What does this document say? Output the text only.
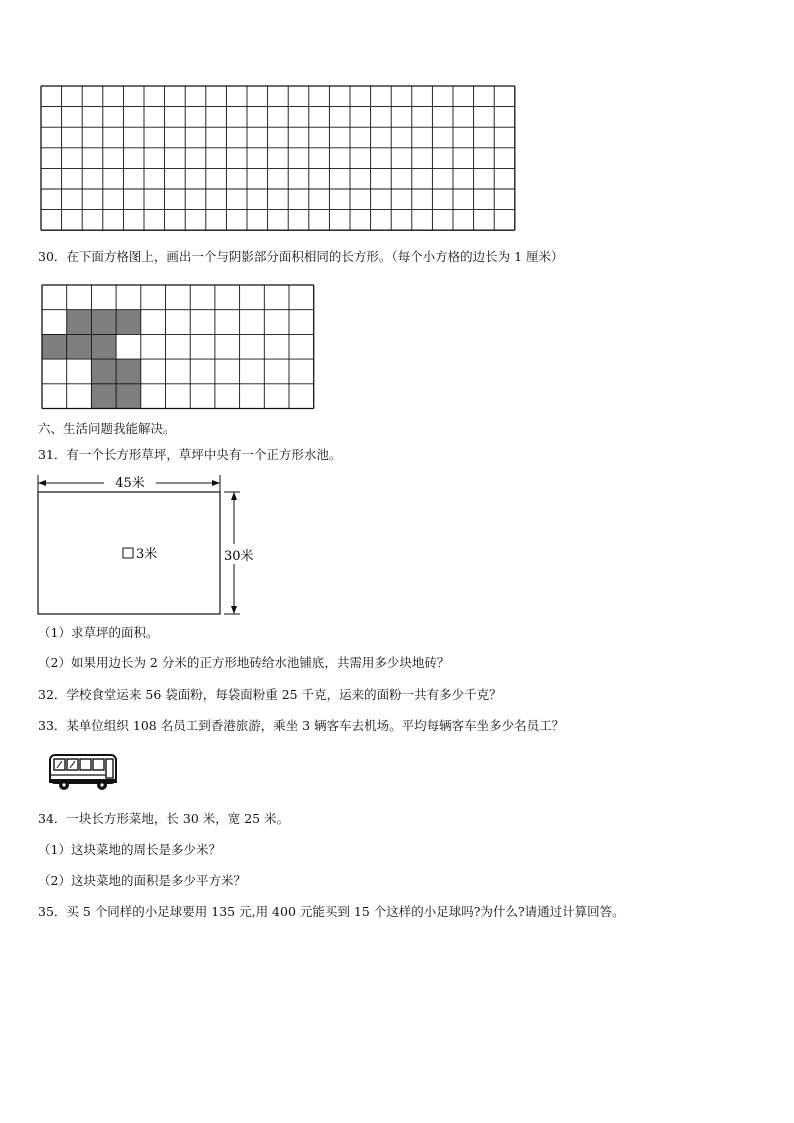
30．在下面方格图上，画出一个与阴影部分面积相同的长方形。（每个小方格的边长为 1 厘米）
六、生活问题我能解决。
31．有一个长方形草坪，草坪中央有一个正方形水池。
45米
30米
3米
（1）求草坪的面积。
（2）如果用边长为 2 分米的正方形地砖给水池铺底，共需用多少块地砖？
32．学校食堂运来 56 袋面粉，每袋面粉重 25 千克，运来的面粉一共有多少千克？
33．某单位组织 108 名员工到香港旅游，乘坐 3 辆客车去机场。平均每辆客车坐多少名员工？
34．一块长方形菜地，长 30 米，宽 25 米。
（1）这块菜地的周长是多少米？
（2）这块菜地的面积是多少平方米？
35．买 5 个同样的小足球要用 135 元,用 400 元能买到 15 个这样的小足球吗?为什么?请通过计算回答。
